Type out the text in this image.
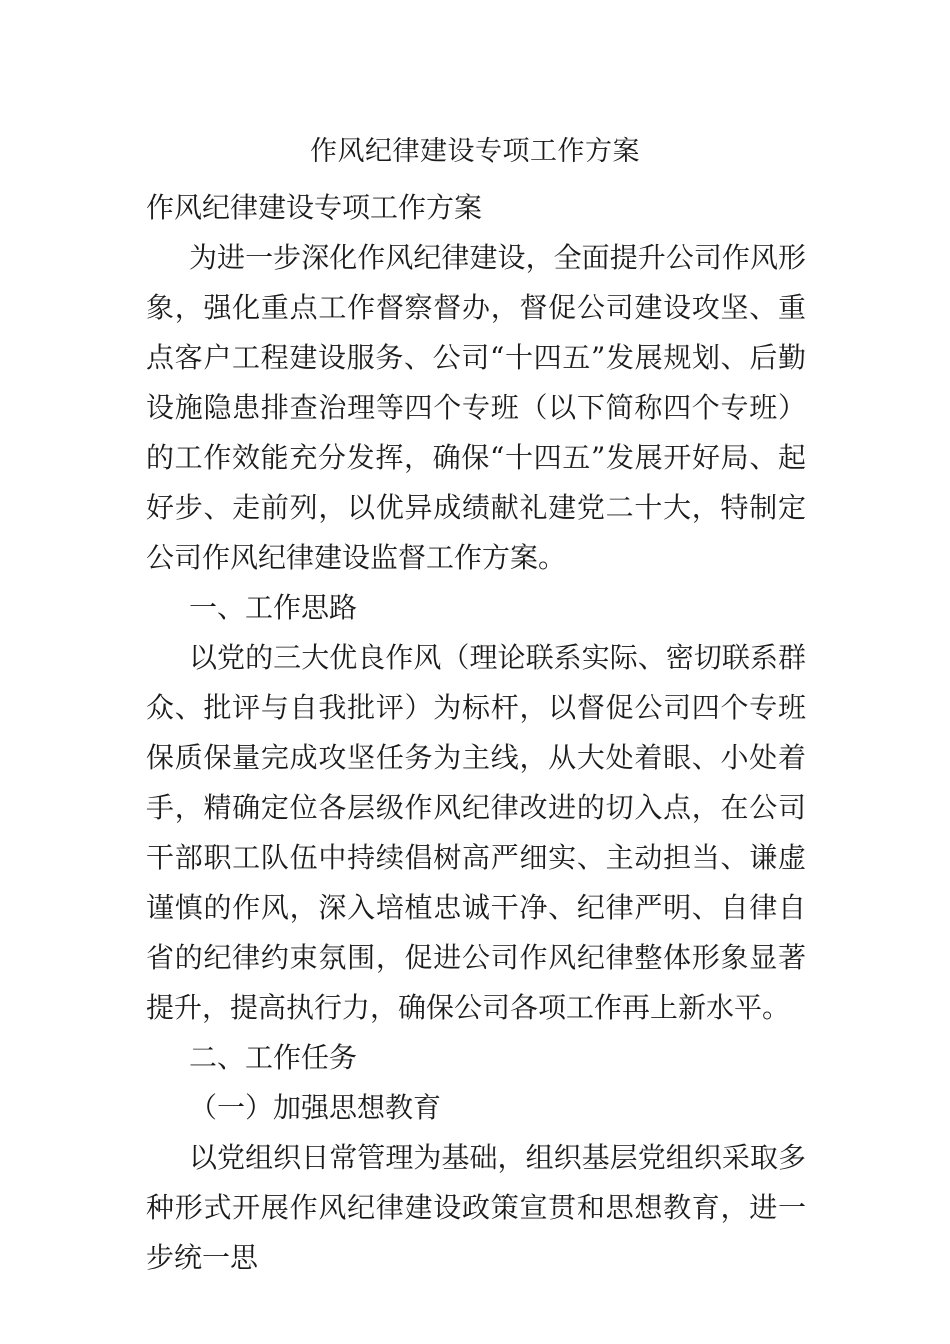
作风纪律建设专项工作方案

作风纪律建设专项工作方案

为进一步深化作风纪律建设，全面提升公司作风形象，强化重点工作督察督办，督促公司建设攻坚、重点客户工程建设服务、公司“十四五”发展规划、后勤设施隐患排查治理等四个专班（以下简称四个专班）的工作效能充分发挥，确保“十四五”发展开好局、起好步、走前列，以优异成绩献礼建党二十大，特制定公司作风纪律建设监督工作方案。

一、工作思路

以党的三大优良作风（理论联系实际、密切联系群众、批评与自我批评）为标杆，以督促公司四个专班保质保量完成攻坚任务为主线，从大处着眼、小处着手，精确定位各层级作风纪律改进的切入点，在公司干部职工队伍中持续倡树高严细实、主动担当、谦虚谨慎的作风，深入培植忠诚干净、纪律严明、自律自省的纪律约束氛围，促进公司作风纪律整体形象显著提升，提高执行力，确保公司各项工作再上新水平。

二、工作任务

（一）加强思想教育

以党组织日常管理为基础，组织基层党组织采取多种形式开展作风纪律建设政策宣贯和思想教育，进一步统一思
